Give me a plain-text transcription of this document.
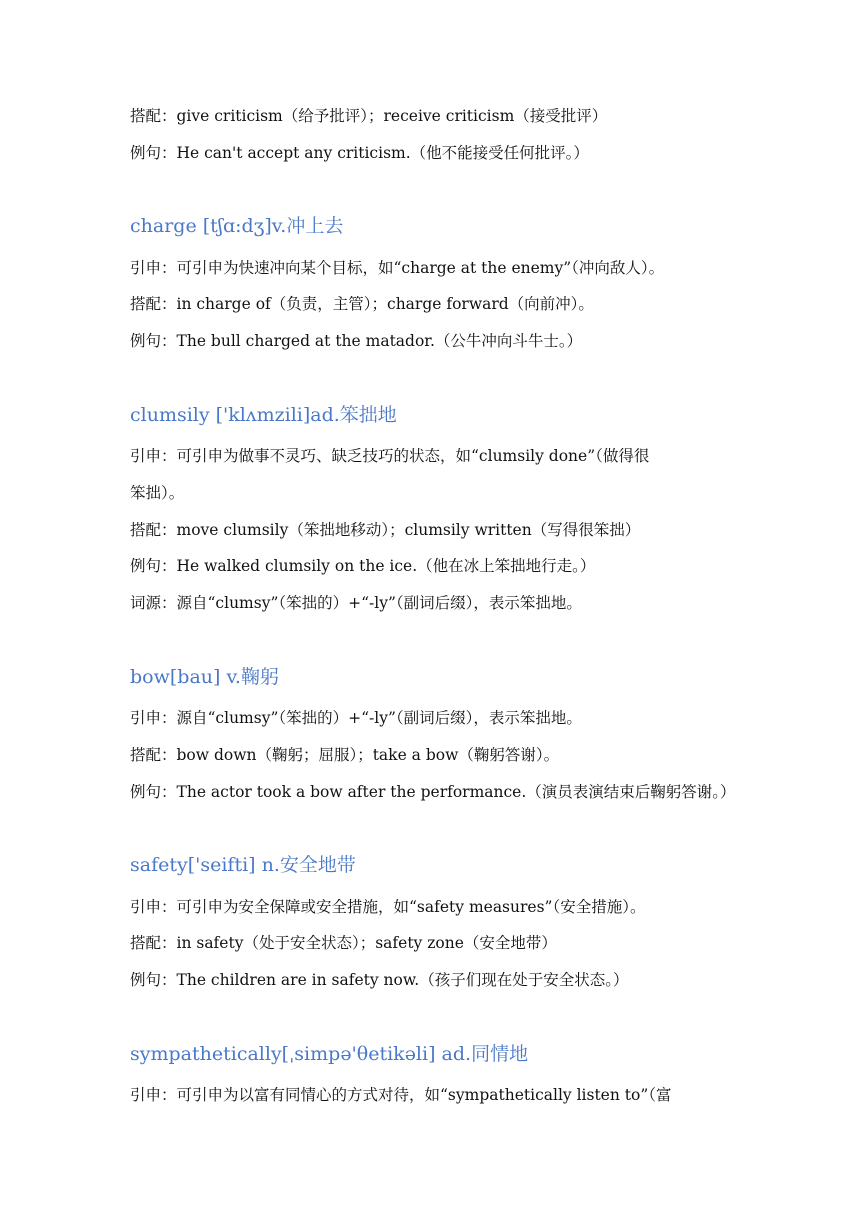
搭配：give criticism（给予批评）；receive criticism（接受批评）
例句：He can't accept any criticism.（他不能接受任何批评。）
charge [tʃɑ:dʒ]v.冲上去
引申：可引申为快速冲向某个目标，如“charge at the enemy”（冲向敌人）。
搭配：in charge of（负责，主管）；charge forward（向前冲）。
例句：The bull charged at the matador.（公牛冲向斗牛士。）
clumsily ['klʌmzili]ad.笨拙地
引申：可引申为做事不灵巧、缺乏技巧的状态，如“clumsily done”（做得很
笨拙）。
搭配：move clumsily（笨拙地移动）；clumsily written（写得很笨拙）
例句：He walked clumsily on the ice.（他在冰上笨拙地行走。）
词源：源自“clumsy”（笨拙的）+“-ly”（副词后缀），表示笨拙地。
bow[bau] v.鞠躬
引申：源自“clumsy”（笨拙的）+“-ly”（副词后缀），表示笨拙地。
搭配：bow down（鞠躬；屈服）；take a bow（鞠躬答谢）。
例句：The actor took a bow after the performance.（演员表演结束后鞠躬答谢。）
safety['seifti] n.安全地带
引申：可引申为安全保障或安全措施，如“safety measures”（安全措施）。
搭配：in safety（处于安全状态）；safety zone（安全地带）
例句：The children are in safety now.（孩子们现在处于安全状态。）
sympathetically[ˌsimpə'θetikəli] ad.同情地
引申：可引申为以富有同情心的方式对待，如“sympathetically listen to”（富
